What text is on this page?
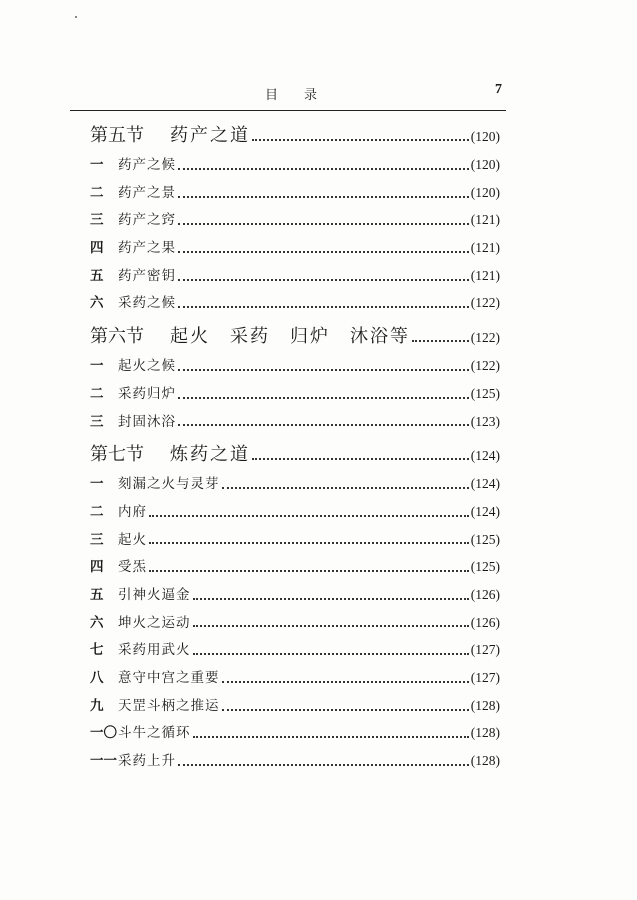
目录	7
第五节	药产之道	(120)
一	药产之候	(120)
二	药产之景	(120)
三	药产之窍	(121)
四	药产之果	(121)
五	药产密钥	(121)
六	采药之候	(122)
第六节	起火　采药　归炉　沐浴等	(122)
一	起火之候	(122)
二	采药归炉	(125)
三	封固沐浴	(123)
第七节	炼药之道	(124)
一	刻漏之火与灵芽	(124)
二	内府	(124)
三	起火	(125)
四	受炁	(125)
五	引神火逼金	(126)
六	坤火之运动	(126)
七	采药用武火	(127)
八	意守中宫之重要	(127)
九	天罡斗柄之推运	(128)
一〇 斗牛之循环	(128)
一一 采药上升	(128)
